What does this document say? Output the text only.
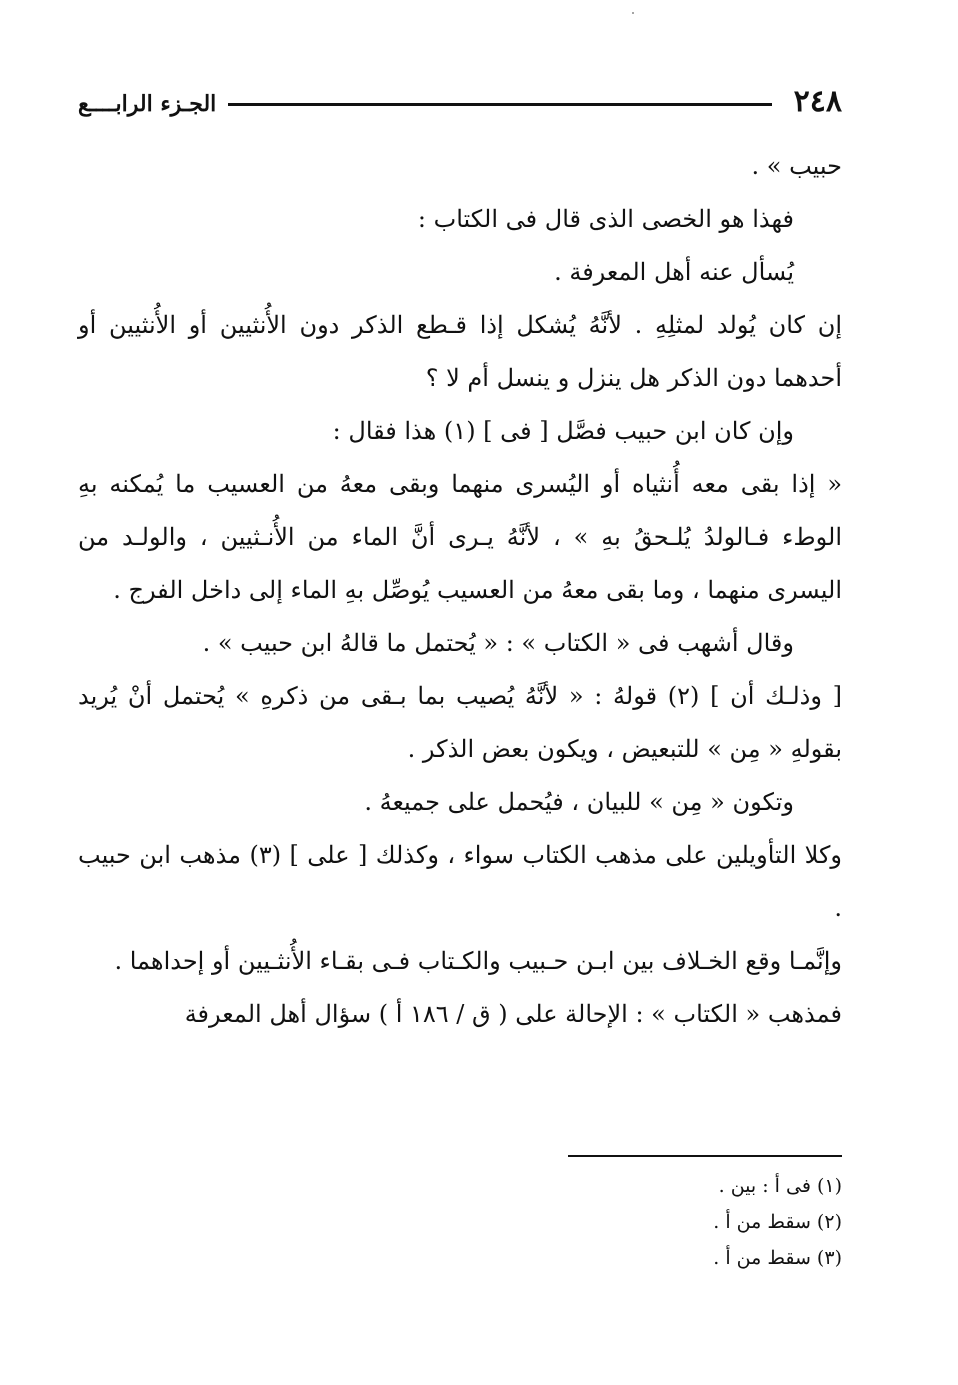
٢٤٨
الجـزء الرابــــع

حبيب » .

فهذا هو الخصى الذى قال فى الكتاب :

يُسأل عنه أهل المعرفة .

إن كان يُولد لمثلِهِ . لأنَّهُ يُشكل إذا قـطع الذكر دون الأُنثيين أو الأُنثيين أو أحدهما دون الذكر هل ينزل و ينسل أم لا ؟

وإن كان ابن حبيب فصَّل [ فى ] (١) هذا فقال :

« إذا بقى معه أُنثياه أو اليُسرى منهما وبقى معهُ من العسيب ما يُمكنه بهِ الوطء فـالولدُ يُلـحقُ بهِ » ، لأنَّهُ يـرى أنَّ الماء من الأُنـثيين ، والولـد من اليسرى منهما ، وما بقى معهُ من العسيب يُوصِّل بهِ الماء إلى داخل الفرج .

وقال أشهب فى « الكتاب » : « يُحتمل ما قالهُ ابن حبيب » .

[ وذلـك أن ] (٢) قولهُ : « لأنَّهُ يُصيب بما بـقى من ذكرهِ » يُحتمل أنْ يُريد بقولهِ « مِن » للتبعيض ، ويكون بعض الذكر .

وتكون « مِن » للبيان ، فيُحمل على جميعهُ .

وكلا التأويلين على مذهب الكتاب سواء ، وكذلك [ على ] (٣) مذهب ابن حبيب .

وإنَّمـا وقع الخـلاف بين ابـن حـبيب والكـتاب فـى بقـاء الأُنثـيين أو إحداهما .

فمذهب « الكتاب » : الإحالة على ( ق / ١٨٦ أ ) سؤال أهل المعرفة

(١) فى أ : بين .

(٢) سقط من أ .

(٣) سقط من أ .
